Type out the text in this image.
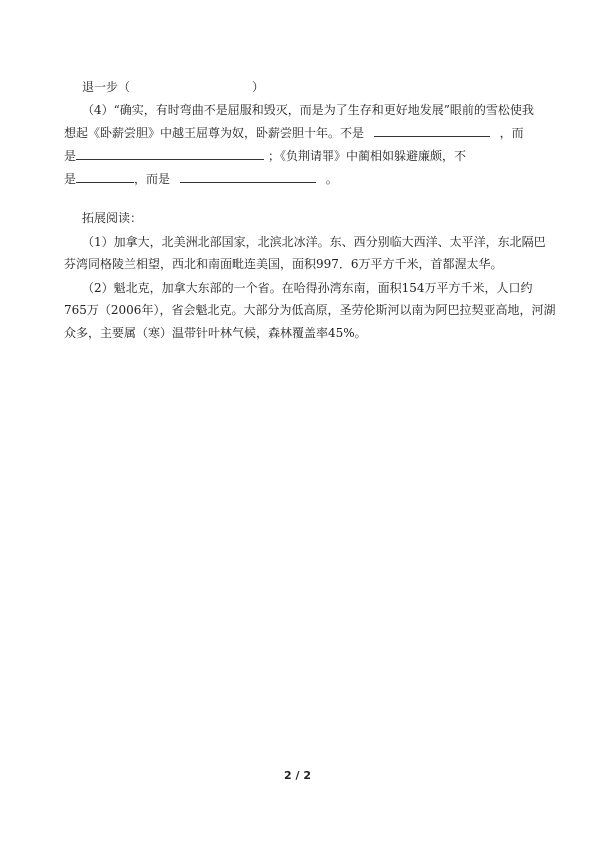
退一步（	）
（4）“确实，有时弯曲不是屈服和毁灭，而是为了生存和更好地发展”眼前的雪松使我
想起《卧薪尝胆》中越王屈尊为奴，卧薪尝胆十年。不是	，而
是	；《负荆请罪》中蔺相如躲避廉颇，不
是	，而是	。
拓展阅读：
（1）加拿大，北美洲北部国家，北滨北冰洋。东、西分别临大西洋、太平洋，东北隔巴
芬湾同格陵兰相望，西北和南面毗连美国，面积997．6万平方千米，首都渥太华。
（2）魁北克，加拿大东部的一个省。在哈得孙湾东南，面积154万平方千米，人口约
765万（2006年），省会魁北克。大部分为低高原，圣劳伦斯河以南为阿巴拉契亚高地，河湖
众多，主要属（寒）温带针叶林气候，森林覆盖率45%。
2 / 2
